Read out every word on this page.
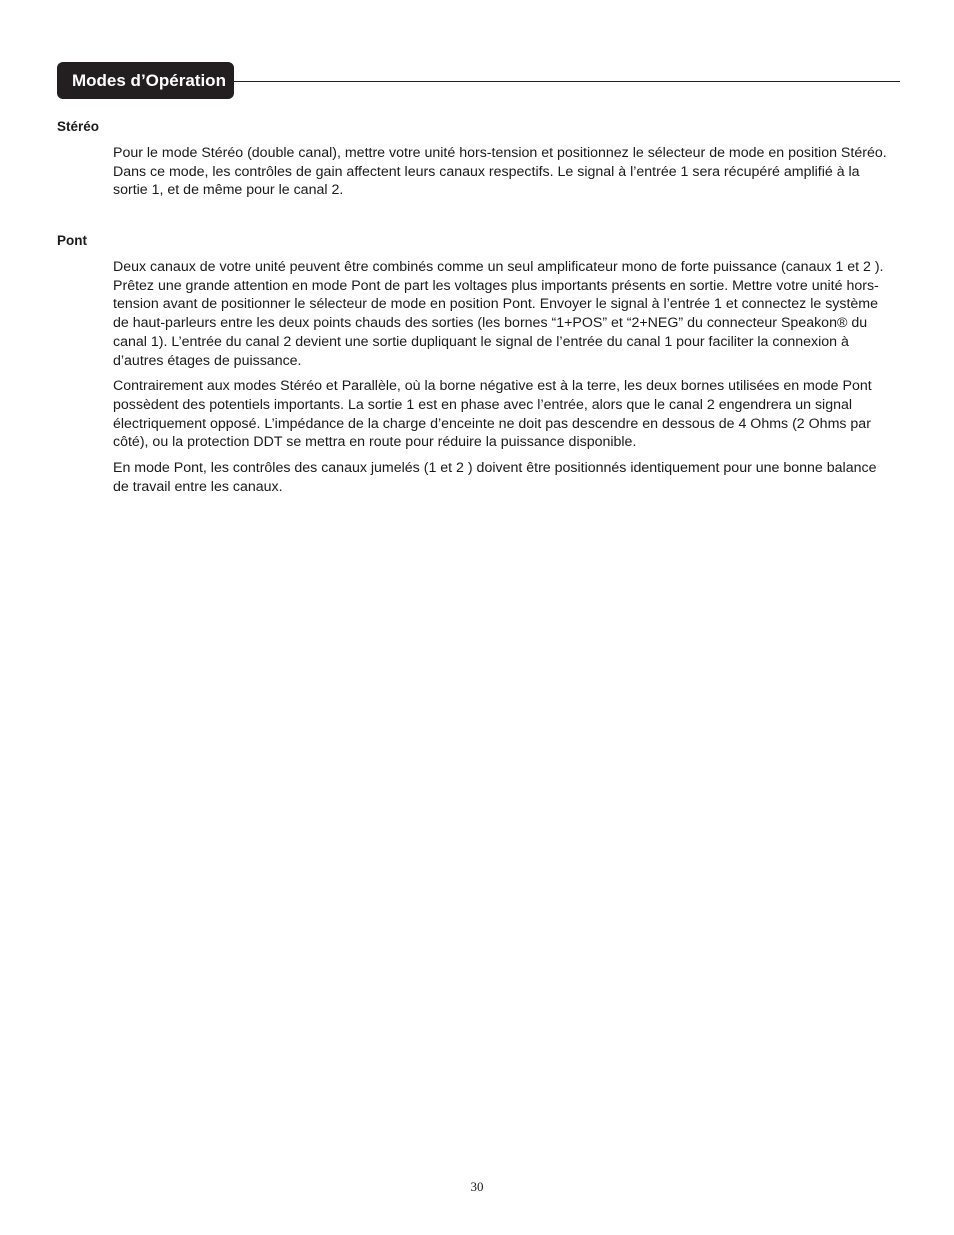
Modes d’Opération
Stéréo

Pour le mode Stéréo (double canal), mettre votre unité hors-tension et positionnez le sélecteur de mode en position Stéréo. Dans ce mode, les contrôles de gain affectent leurs canaux respectifs. Le signal à l’entrée 1 sera récupéré amplifié à la sortie 1, et de même pour le canal 2.

Pont

Deux canaux de votre unité peuvent être combinés comme un seul amplificateur mono de forte puissance (canaux 1 et 2 ). Prêtez une grande attention en mode Pont de part les voltages plus importants présents en sortie. Mettre votre unité hors-tension avant de positionner le sélecteur de mode en position Pont. Envoyer le signal à l’entrée 1 et connectez le système de haut-parleurs entre les deux points chauds des sorties (les bornes “1+POS” et “2+NEG” du connecteur Speakon® du canal 1). L’entrée du canal 2 devient une sortie dupliquant le signal de l’entrée du canal 1 pour faciliter la connexion à d’autres étages de puissance.

Contrairement aux modes Stéréo et Parallèle, où la borne négative est à la terre, les deux bornes utilisées en mode Pont possèdent des potentiels importants. La sortie 1 est en phase avec l’entrée, alors que le canal 2 engendrera un signal électriquement opposé. L’impédance de la charge d’enceinte ne doit pas descendre en dessous de 4 Ohms (2 Ohms par côté), ou la protection DDT se mettra en route pour réduire la puissance disponible.

En mode Pont, les contrôles des canaux jumelés (1 et 2 ) doivent être positionnés identiquement pour une bonne balance de travail entre les canaux.

30
